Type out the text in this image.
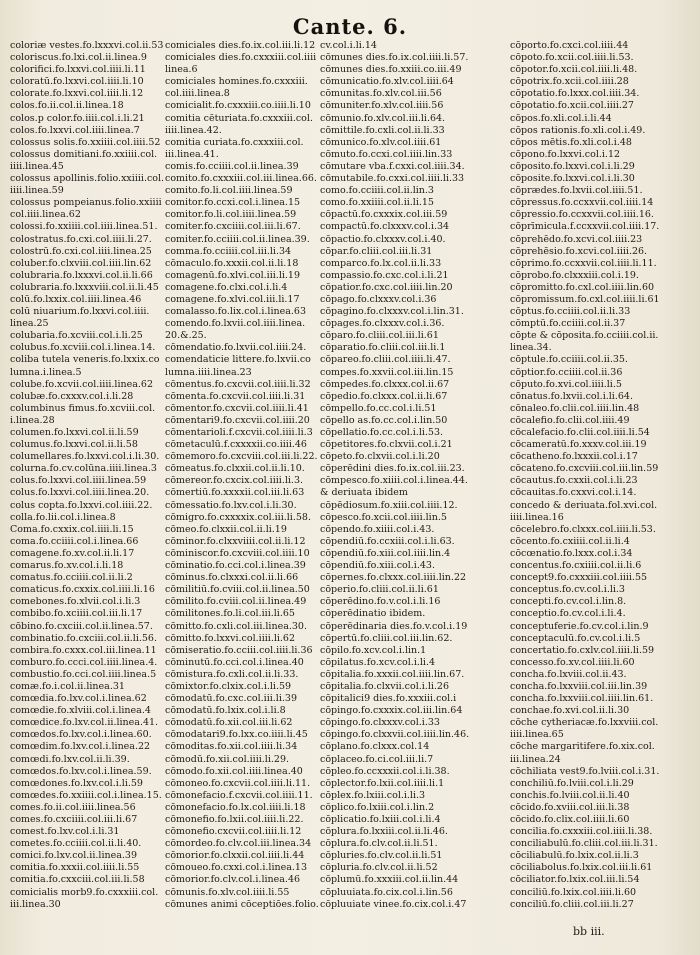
Cante. 6.
coloriæ vestes.fo.lxxxvi.col.ii.53
coloriscus.fo.lxi.col.ii.linea.9
colorifici.fo.lxxvi.col.iiii.li.11
coloratū.fo.lxxvi.col.iiii.li.10
colorate.fo.lxxvi.col.iiii.li.12
colos.fo.ii.col.ii.linea.18
colos.p color.fo.iiii.col.i.li.21
colos.fo.lxxvi.col.iiii.linea.7
colossus solis.fo.xxiiii.col.iiii.52
colossus domitiani.fo.xxiiii.col.
iiii.linea.45
colossus apollinis.folio.xxiiii.col.
iiii.linea.59
colossus pompeianus.folio.xxiiii
col.iiii.linea.62
colossi.fo.xxiiii.col.iiii.linea.51.
colostratus.fo.cxi.col.iiii.li.27.
colostrū.fo.cxi.col.iiii.linea.25
coluber.fo.clxviii.col.iiii.lin.62
colubraria.fo.lxxxvi.col.ii.li.66
colubraria.fo.lxxxviii.col.ii.li.45
colū.fo.lxxix.col.iiii.linea.46
colū niuarium.fo.lxxvi.col.iiii.
linea.25
colubaria.fo.xcviii.col.i.li.25
colubus.fo.xcviii.col.i.linea.14.
coliba tutela veneris.fo.lxxix.co
lumna.i.linea.5
colube.fo.xcvii.col.iiii.linea.62
colubæ.fo.cxxxv.col.i.li.28
columbinus fimus.fo.xcviii.col.
i.linea.28
columen.fo.lxxvi.col.ii.li.59
columus.fo.lxxvi.col.ii.li.58
columellares.fo.lxxvi.col.i.li.30.
colurna.fo.cv.colūna.iiii.linea.3
colus.fo.lxxvi.col.iiii.linea.59
colus.fo.lxxvi.col.iiii.linea.20.
colus copta.fo.lxxvi.col.iiii.22.
colla.fo.lii.col.i.linea.8
Coma.fo.cxxix.col.iiii.li.15
coma.fo.cciiii.col.i.linea.66
comagene.fo.xv.col.ii.li.17
comarus.fo.xv.col.i.li.18
comatus.fo.cciiii.col.ii.li.2
comaticus.fo.cxxix.col.iiii.li.16
comebones.fo.xlvii.col.i.li.3
combibo.fo.xciiii.col.iii.li.17
cōbino.fo.cxciii.col.ii.linea.57.
combinatio.fo.cxciii.col.ii.li.56.
combira.fo.cxxx.col.iii.linea.11
comburo.fo.ccci.col.iiii.linea.4.
combustio.fo.cci.col.iiii.linea.5
comæ.fo.i.col.ii.linea.31
comœdia.fo.lxv.col.i.linea.62
comœdie.fo.xlviii.col.i.linea.4
comœdice.fo.lxv.col.ii.linea.41.
comœdos.fo.lxv.col.i.linea.60.
comœdim.fo.lxv.col.i.linea.22
comœdi.fo.lxv.col.ii.li.39.
comœdos.fo.lxv.col.i.linea.59.
comœdones.fo.lxv.col.i.li.59
comœdes.fo.xxiiii.col.i.linea.15.
comes.fo.ii.col.iiii.linea.56
comes.fo.cxciiii.col.iii.li.67
comest.fo.lxv.col.i.li.31
cometes.fo.cciiii.col.ii.li.40.
comici.fo.lxv.col.ii.linea.39
comitia.fo.xxxii.col.iiii.li.55
comitia.fo.cxxciii.col.iii.li.58
comicialis morb9.fo.cxxxiii.col.
iii.linea.30
comiciales dies.fo.ix.col.iii.li.12
comiciales dies.fo.cxxxiii.col.iiii
linea.6
comiciales homines.fo.cxxxiii.
col.iiii.linea.8
comicialit.fo.cxxxiii.co.iiii.li.10
comitia cēturiata.fo.cxxxiii.col.
iiii.linea.42.
comitia curiata.fo.cxxxiii.col.
iii.linea.41.
comis.fo.cciiii.col.ii.linea.39
comito.fo.cxxxiii.col.iii.linea.66.
comito.fo.li.col.iiii.linea.59
comitor.fo.ccxi.col.i.linea.15
comitor.fo.li.col.iiii.linea.59
comiter.fo.cxciiii.col.iii.li.67.
comiter.fo.cciiii.col.ii.linea.39.
comma.fo.cciiii.col.iii.li.34
cōmaculo.fo.xxxii.col.ii.li.18
comagenū.fo.xlvi.col.iii.li.19
comagene.fo.clxi.col.i.li.4
comagene.fo.xlvi.col.iii.li.17
comalasso.fo.lix.col.i.linea.63
comendo.fo.lxvii.col.iiii.linea.
20.&.25.
cōmendatio.fo.lxvii.col.iiii.24.
comendaticie littere.fo.lxvii.co
lumna.iiii.linea.23
cōmentus.fo.cxcvii.col.iiii.li.32
cōmenta.fo.cxcvii.col.iiii.li.31
cōmentor.fo.cxcvii.col.iiii.li.41
cōmentari9.fo.cxcvii.col.iiii.20
cōmentarioli.f.cxcvii.col.iiii.li.3
cōmetaculū.f.cxxxxii.co.iiii.46
cōmemoro.fo.cxcviii.col.iii.li.22.
cōmeatus.fo.clxxii.col.ii.li.10.
cōmereor.fo.cxcix.col.iiii.li.3.
cōmertiū.fo.xxxxii.col.iii.li.63
cōmessatio.fo.lxv.col.i.li.30.
cōmigro.fo.cxxxxix.col.iii.li.58.
cōmeo.fo.clxxii.col.ii.li.19
cōminor.fo.clxxviiii.col.ii.li.12
cōminiscor.fo.cxcviii.col.iiii.10
cōminatio.fo.cci.col.i.linea.39
cōminus.fo.clxxxi.col.ii.li.66
cōmilitiū.fo.cviii.col.ii.linea.50
cōmilito.fo.cviii.col.ii.linea.49
cōmilitones.fo.li.col.iii.li.65
cōmitto.fo.cxli.col.iii.linea.30.
cōmitto.fo.lxxvi.col.iiii.li.62
cōmiseratio.fo.cciii.col.iiii.li.36
cōminutū.fo.cci.col.i.linea.40
cōmistura.fo.cxli.col.ii.li.33.
cōmixtor.fo.clxix.col.i.li.59
cōmodatū.fo.cxc.col.iii.li.39
cōmodatū.fo.lxix.col.i.li.8
cōmodatū.fo.xii.col.iii.li.62
cōmodatari9.fo.lxx.co.iiii.li.45
cōmoditas.fo.xii.col.iiii.li.34
cōmodū.fo.xii.col.iiii.li.29.
cōmodo.fo.xii.col.iiii.linea.40
cōmoneo.fo.cxcvii.col.iiii.li.11.
cōmonefacio.f.cxcvii.col.iiii.11.
cōmonefacio.fo.lx.col.iiii.li.18
cōmonefio.fo.lxii.col.iiii.li.22.
cōmonefio.cxcvii.col.iiii.li.12
cōmordeo.fo.clv.col.iii.linea.34
cōmorior.fo.clxxii.col.iiii.li.44
cōmoueo.fo.cxxi.col.i.linea.13
cōmorior.fo.clv.col.i.linea.46
cōmunis.fo.xlv.col.iiii.li.55
cōmunes animi cōceptiōes.folio.
cv.col.i.li.14
cōmunes dies.fo.ix.col.iiii.li.57.
cōmunes dies.fo.xxiii.co.iii.49
cōmunicatio.fo.xlv.col.iiii.64
cōmunitas.fo.xlv.col.iii.56
cōmuniter.fo.xlv.col.iiii.56
cōmunio.fo.xlv.col.iii.li.64.
cōmittile.fo.cxli.col.ii.li.33
cōmunico.fo.xlv.col.iiii.61
cōmuto.fo.ccxi.col.iiii.lin.33
cōmutare vba.f.cxxi.col.iiii.34.
cōmutabile.fo.cxxi.col.iiii.li.33
como.fo.cciiii.col.ii.lin.3
como.fo.xxiiii.col.ii.li.15
cōpactū.fo.cxxxix.col.iii.59
compactū.fo.clxxxv.col.i.34
cōpactio.fo.clxxxv.col.i.40.
cōpar.fo.cliii.col.iii.li.31
comparco.fo.lx.col.ii.li.33
compassio.fo.cxc.col.i.li.21
cōpatior.fo.cxc.col.iiii.lin.20
cōpago.fo.clxxxv.col.i.36
cōpagino.fo.clxxxv.col.i.lin.31.
cōpages.fo.clxxxv.col.i.36.
cōparo.fo.cliii.col.iii.li.61
cōparatio.fo.cliii.col.iii.li.1
cōpareo.fo.cliii.col.iiii.li.47.
compes.fo.xxvii.col.iii.lin.15
cōmpedes.fo.clxxx.col.ii.67
cōpedio.fo.clxxx.col.ii.li.67
cōmpello.fo.cc.col.i.li.51
cōpello as.fo.cc.col.i.lin.50
cōpellatio.fo.cc.col.i.li.53.
cōpetitores.fo.clxvii.col.i.21
cōpeto.fo.clxvii.col.i.li.20
cōperēdini dies.fo.ix.col.iii.23.
cōmpesco.fo.xiiii.col.i.linea.44.
& deriuata ibidem
cōpēdiosum.fo.xiii.col.iiii.12.
cōpesco.fo.xcii.col.iiii.lin.5
cōpendo.fo.xiiii.col.i.43.
cōpendiū.fo.ccxiii.col.i.li.63.
cōpendiū.fo.xiii.col.iiii.lin.4
cōpendiū.fo.xiii.col.i.43.
cōpernes.fo.clxxx.col.iiii.lin.22
cōperio.fo.cliii.col.ii.li.61
cōperēdino.fo.v.col.i.li.16
cōperēdinatio ibidem.
cōperēdinaria dies.fo.v.col.i.19
cōpertū.fo.cliii.col.iii.lin.62.
cōpilo.fo.xcv.col.i.lin.1
cōpilatus.fo.xcv.col.i.li.4
cōpitalia.fo.xxxii.col.iiii.lin.67.
cōpitalia.fo.clxvii.col.i.li.26
cōpitalici9 dies.fo.xxxiii.col.i
cōpingo.fo.cxxxix.col.iii.lin.64
cōpingo.fo.clxxxv.col.i.33
cōpingo.fo.clxxvii.col.iiii.lin.46.
cōplano.fo.clxxx.col.14
cōplaceo.fo.ci.col.iii.li.7
cōpleo.fo.ccxxxii.col.i.li.38.
cōplector.fo.lxii.col.iiii.li.1
cōplex.fo.lxiii.col.i.li.3
cōplico.fo.lxiii.col.i.lin.2
cōplicatio.fo.lxiii.col.i.li.4
cōplura.fo.lxxiii.col.ii.li.46.
cōplura.fo.clv.col.ii.li.51.
cōpluries.fo.clv.col.ii.li.51
cōpluria.fo.clv.col.ii.li.52
cōplumū.fo.xxxiii.col.ii.lin.44
cōpluuiata.fo.cix.col.i.lin.56
cōpluuiate vinee.fo.cix.col.i.47
cōporto.fo.cxci.col.iiii.44
cōpoto.fo.xcii.col.iiii.li.53.
cōpotor.fo.xcii.col.iiii.li.48.
cōpotrix.fo.xcii.col.iiii.28
cōpotatio.fo.lxxx.col.iiii.34.
cōpotatio.fo.xcii.col.iiii.27
cōpos.fo.xli.col.i.li.44
cōpos rationis.fo.xli.col.i.49.
cōpos mētis.fo.xli.col.i.48
cōpono.fo.lxxvi.col.i.12
cōposito.fo.lxxvi.col.i.li.29
cōposite.fo.lxxvi.col.i.li.30
cōprædes.fo.lxvii.col.iiii.51.
cōpressus.fo.ccxxvii.col.iiii.14
cōpressio.fo.ccxxvii.col.iiii.16.
cōprīmicula.f.ccxxvii.col.iiii.17.
cōprehēdo.fo.xcvi.col.iiii.23
cōprehēsio.fo.xcvi.col.iiii.26.
cōprimo.fo.ccxxvii.col.iiii.li.11.
cōprobo.fo.clxxxiii.col.i.19.
cōpromitto.fo.cxl.col.iiii.lin.60
cōpromissum.fo.cxl.col.iiii.li.61
cōptus.fo.cciiii.col.ii.li.33
cōmptū.fo.cciiii.col.ii.37
cōpte & cōposita.fo.cciiii.col.ii.
linea.34.
cōptule.fo.cciiii.col.ii.35.
cōptior.fo.cciiii.col.ii.36
cōputo.fo.xvi.col.iiii.li.5
cōnatus.fo.lxvii.col.i.li.64.
cōnaleo.fo.clii.col.iiii.lin.48
cōcalefio.fo.clii.col.iiii.49
cōcalefacio.fo.clii.col.iiii.li.54
cōcameratū.fo.xxxv.col.iii.19
cōcatheno.fo.lxxxii.col.i.17
cōcateno.fo.cxcviii.col.iii.lin.59
cōcautus.fo.cxxii.col.i.li.23
cōcauitas.fo.cxxvi.col.i.14.
concedo & deriuata.fol.xvi.col.
iiii.linea.16
cōcelebro.fo.clxxx.col.iiii.li.53.
cōcento.fo.cxiiii.col.ii.li.4
cōcœnatio.fo.lxxx.col.i.34
concentus.fo.cxiiii.col.ii.li.6
concept9.fo.cxxxiii.col.iiii.55
conceptus.fo.cv.col.i.li.3
concepti.fo.cv.col.i.lin.8.
conceptio.fo.cv.col.i.li.4.
conceptuferie.fo.cv.col.i.lin.9
conceptaculū.fo.cv.col.i.li.5
concertatio.fo.cxlv.col.iiii.li.59
concesso.fo.xv.col.iiii.li.60
concha.fo.lxviii.col.ii.43.
concha.fo.lxxviii.col.iii.lin.39
concha.fo.lxxviii.col.iiii.lin.61.
conchae.fo.xvi.col.ii.li.30
cōche cytheriacæ.fo.lxxviii.col.
iiii.linea.65
cōche margaritifere.fo.xix.col.
iii.linea.24
cōchiliata vest9.fo.lviii.col.i.31.
conchiliū.fo.lviii.col.i.li.29
conchis.fo.lviii.col.ii.li.40
cōcido.fo.xviii.col.iii.li.38
cōcido.fo.clix.col.iiii.li.60
concilia.fo.cxxxiii.col.iiii.li.38.
conciliabulū.fo.cliii.col.iii.li.31.
cōciliabulū.fo.lxix.col.ii.li.3
cōciliabolus.fo.lxix.col.iii.li.61
cōciliator.fo.lxix.col.iii.li.54
conciliū.fo.lxix.col.iiii.li.60
conciliū.fo.cliii.col.iii.li.27
bb iii.
